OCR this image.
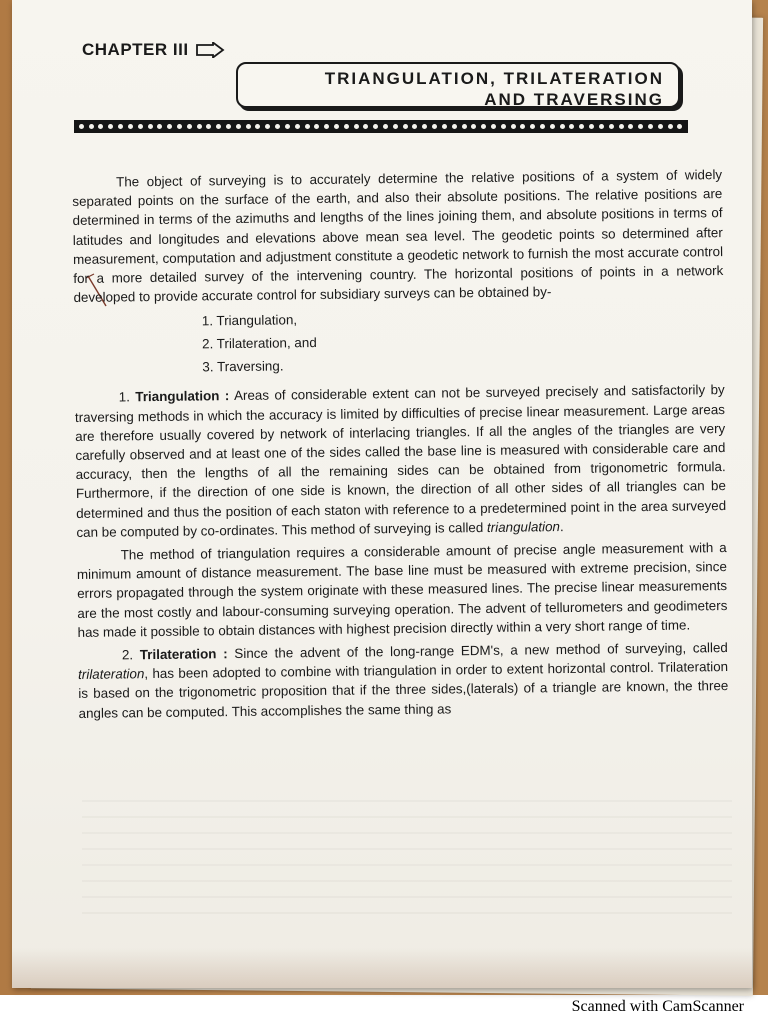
CHAPTER III
TRIANGULATION, TRILATERATION
AND TRAVERSING

The object of surveying is to accurately determine the relative positions of a system of widely separated points on the surface of the earth, and also their absolute positions. The relative positions are determined in terms of the azimuths and lengths of the lines joining them, and absolute positions in terms of latitudes and longitudes and elevations above mean sea level. The geodetic points so determined after measurement, computation and adjustment constitute a geodetic network to furnish the most accurate control for a more detailed survey of the intervening country. The horizontal positions of points in a network developed to provide accurate control for subsidiary surveys can be obtained by-

1. Triangulation,
2. Trilateration, and
3. Traversing.

1. Triangulation : Areas of considerable extent can not be surveyed precisely and satisfactorily by traversing methods in which the accuracy is limited by difficulties of precise linear measurement. Large areas are therefore usually covered by network of interlacing triangles. If all the angles of the triangles are very carefully observed and at least one of the sides called the base line is measured with considerable care and accuracy, then the lengths of all the remaining sides can be obtained from trigonometric formula. Furthermore, if the direction of one side is known, the direction of all other sides of all triangles can be determined and thus the position of each staton with reference to a predetermined point in the area surveyed can be computed by co-ordinates. This method of surveying is called triangulation.

The method of triangulation requires a considerable amount of precise angle measurement with a minimum amount of distance measurement. The base line must be measured with extreme precision, since errors propagated through the system originate with these measured lines. The precise linear measurements are the most costly and labour-consuming surveying operation. The advent of tellurometers and geodimeters has made it possible to obtain distances with highest precision directly within a very short range of time.

2. Trilateration : Since the advent of the long-range EDM's, a new method of surveying, called trilateration, has been adopted to combine with triangulation in order to extent horizontal control. Trilateration is based on the trigonometric proposition that if the three sides,(laterals) of a triangle are known, the three angles can be computed. This accomplishes the same thing as

Scanned with CamScanner
